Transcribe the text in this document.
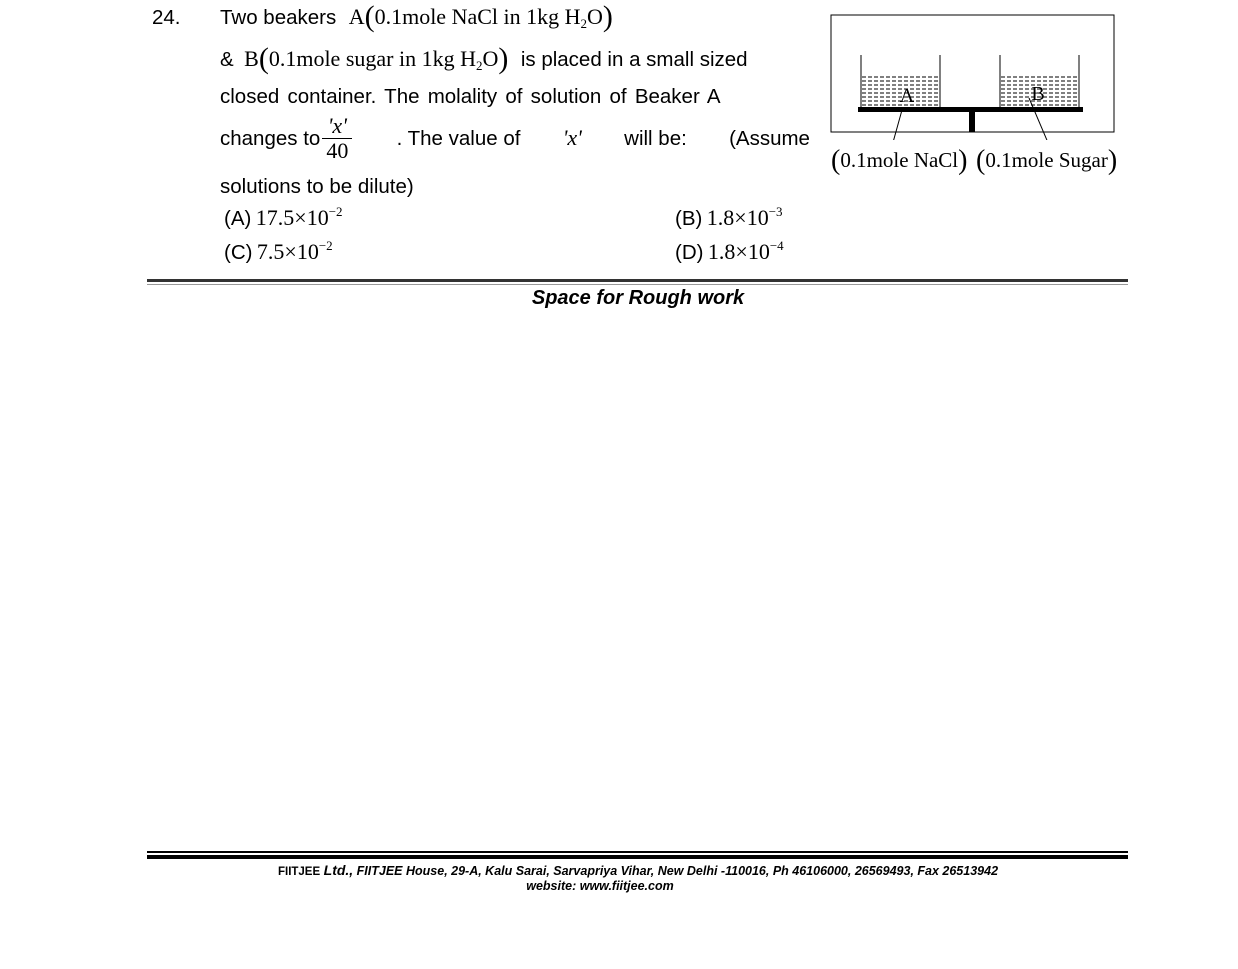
24. Two beakers A(0.1mole NaCl in 1kg $H_2O$)
& B(0.1mole sugar in 1kg $H_2O$) is placed in a small sized
closed container. The molality of solution of Beaker A
changes to $\frac{'x'}{40}$ . The value of 'x' will be: (Assume
solutions to be dilute)
(A) $17.5\times 10^{-2}$	(B) $1.8\times 10^{-3}$
(C) $7.5\times 10^{-2}$	(D) $1.8\times 10^{-4}$
A	B
(0.1mole NaCl) (0.1mole Sugar)
Space for Rough work
FIITJEE Ltd., FIITJEE House, 29-A, Kalu Sarai, Sarvapriya Vihar, New Delhi -110016, Ph 46106000, 26569493, Fax 26513942
website: www.fiitjee.com
